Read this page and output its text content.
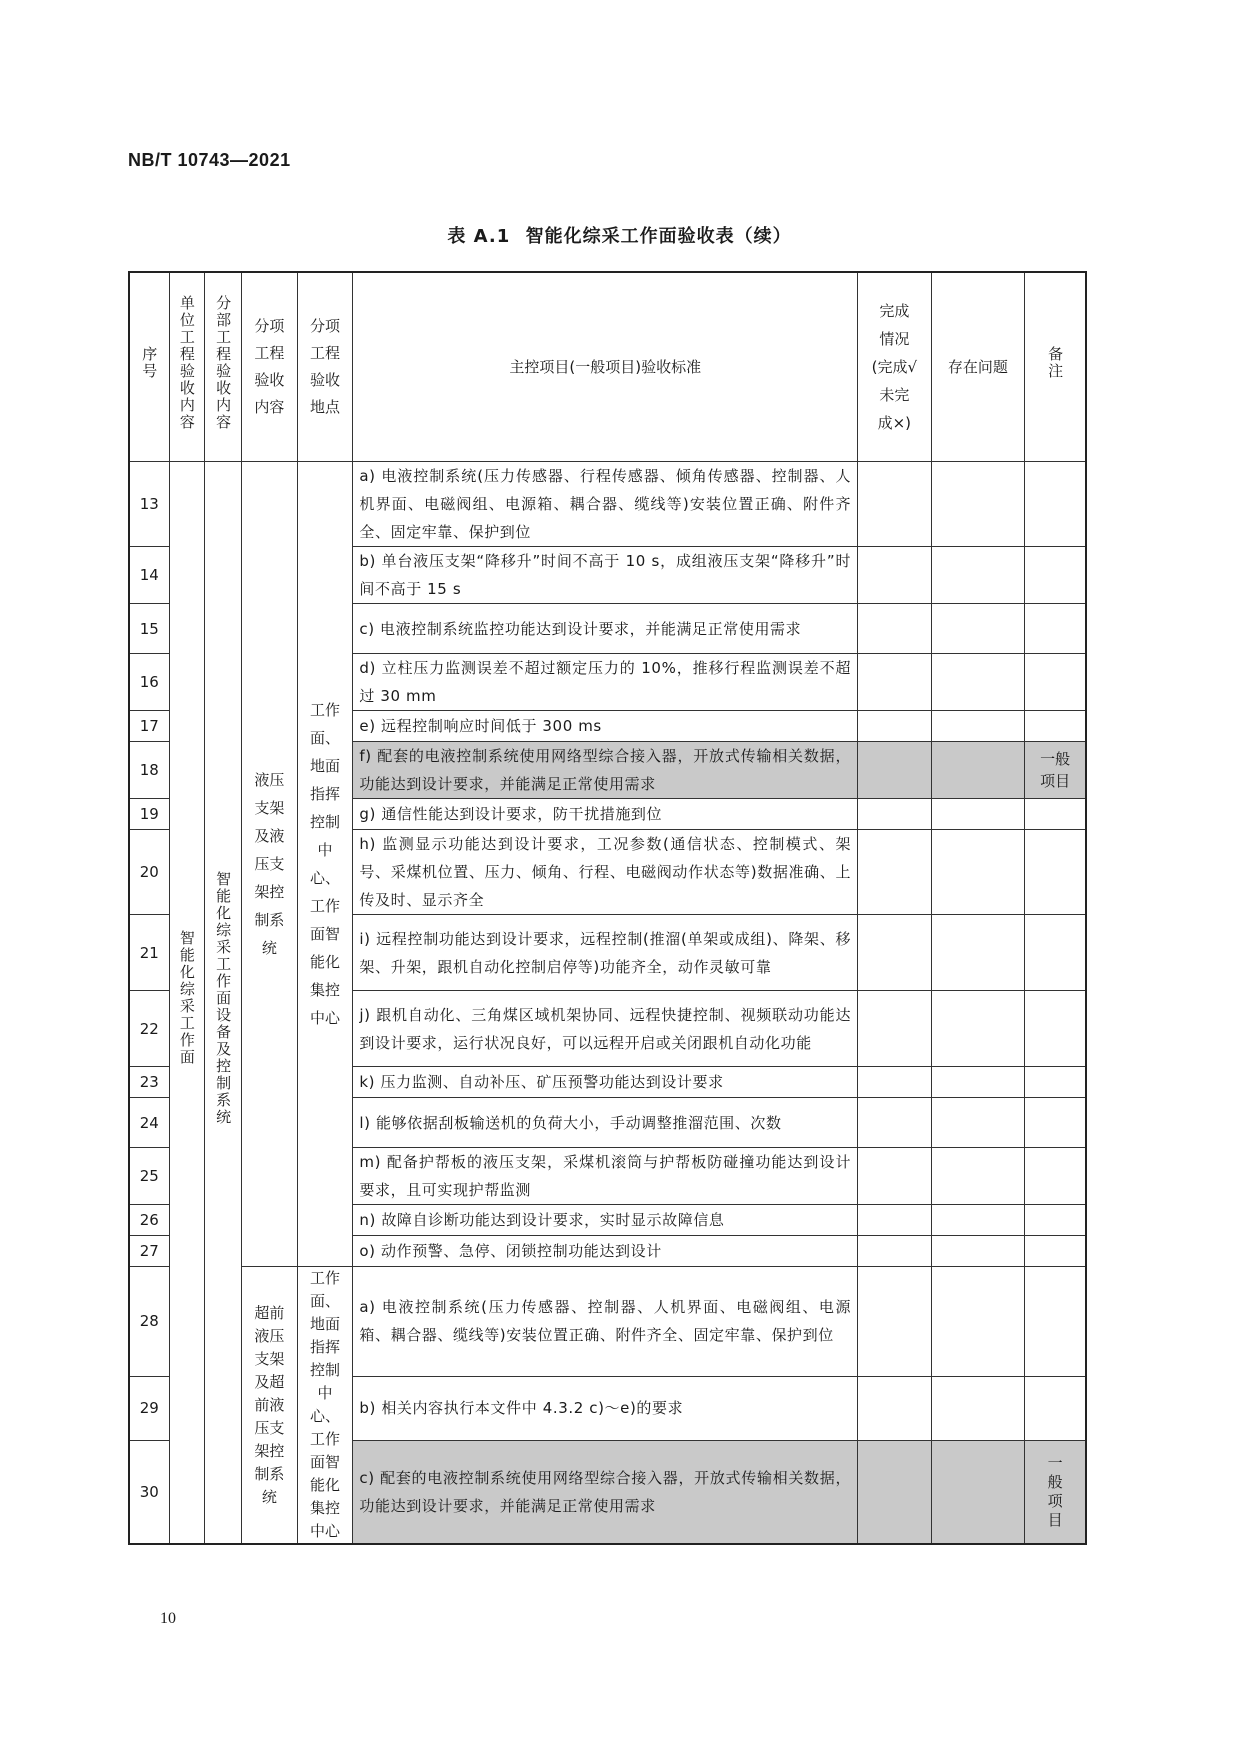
NB/T 10743—2021
表 A.1 智能化综采工作面验收表（续）
序号	单位工程验收内容	分部工程验收内容	分项工程验收内容	分项工程验收地点	主控项目(一般项目)验收标准	完成
情况
(完成√
未完
成×)	存在问题	备注
13	智能化综采工作面	智能化综采工作面设备及控制系统	液压支架及液压支架控制系统	工作面、地面指挥控制中心、工作面智能化集控中心	a) 电液控制系统(压力传感器、行程传感器、倾角传感器、控制器、人机界面、电磁阀组、电源箱、耦合器、缆线等)安装位置正确、附件齐全、固定牢靠、保护到位			
14					b) 单台液压支架“降移升”时间不高于 10 s，成组液压支架“降移升”时间不高于 15 s			
15					c) 电液控制系统监控功能达到设计要求，并能满足正常使用需求			
16					d) 立柱压力监测误差不超过额定压力的 10%，推移行程监测误差不超过 30 mm			
17					e) 远程控制响应时间低于 300 ms			
18					f) 配套的电液控制系统使用网络型综合接入器，开放式传输相关数据，功能达到设计要求，并能满足正常使用需求			一般项目

19					g) 通信性能达到设计要求，防干扰措施到位			
20					h) 监测显示功能达到设计要求，工况参数(通信状态、控制模式、架号、采煤机位置、压力、倾角、行程、电磁阀动作状态等)数据准确、上传及时、显示齐全			
21					i) 远程控制功能达到设计要求，远程控制(推溜(单架或成组)、降架、移架、升架，跟机自动化控制启停等)功能齐全，动作灵敏可靠			
22					j) 跟机自动化、三角煤区域机架协同、远程快捷控制、视频联动功能达到设计要求，运行状况良好，可以远程开启或关闭跟机自动化功能			
23					k) 压力监测、自动补压、矿压预警功能达到设计要求			
24					l) 能够依据刮板输送机的负荷大小，手动调整推溜范围、次数			
25					m) 配备护帮板的液压支架，采煤机滚筒与护帮板防碰撞功能达到设计要求，且可实现护帮监测			
26					n) 故障自诊断功能达到设计要求，实时显示故障信息			
27					o) 动作预警、急停、闭锁控制功能达到设计			
28			超前液压支架及超前液压支架控制系统	工作面、地面指挥控制中心、工作面智能化集控中心	a) 电液控制系统(压力传感器、控制器、人机界面、电磁阀组、电源箱、耦合器、缆线等)安装位置正确、附件齐全、固定牢靠、保护到位			
29					b) 相关内容执行本文件中 4.3.2 c)～e)的要求			
30					c) 配套的电液控制系统使用网络型综合接入器，开放式传输相关数据，功能达到设计要求，并能满足正常使用需求			一般项目
10
